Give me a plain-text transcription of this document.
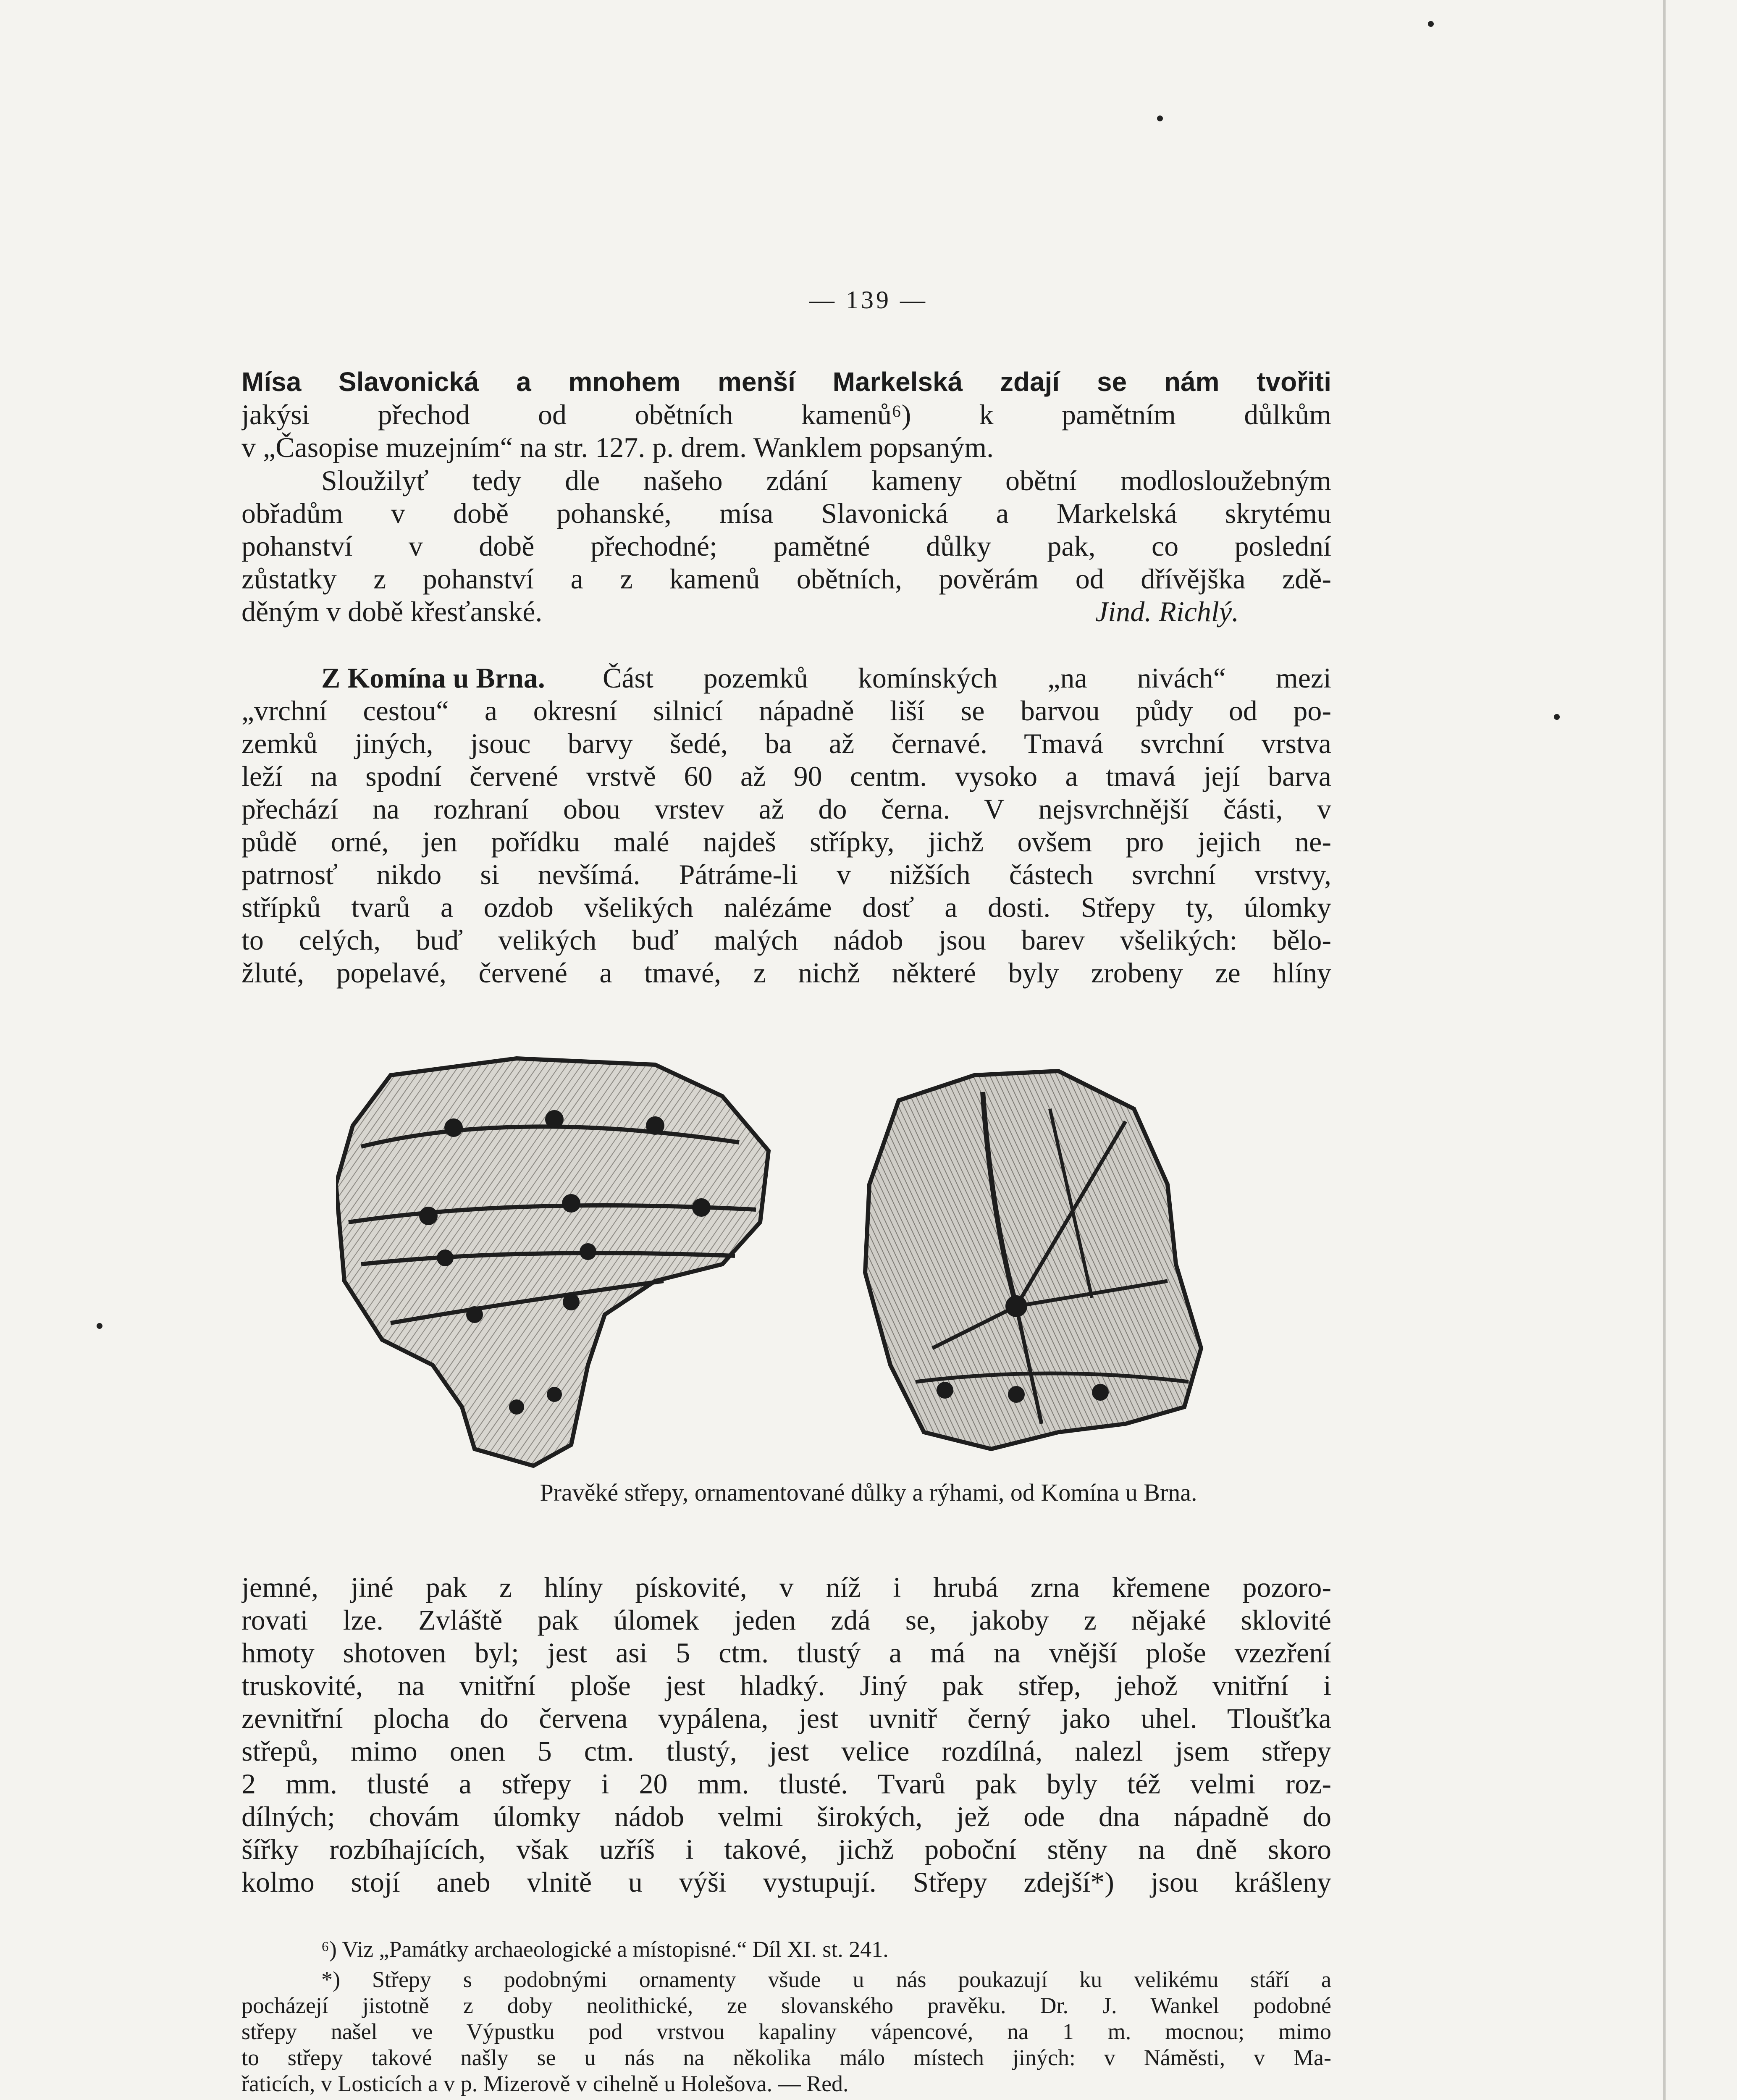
— 139 —
Mísa Slavonická a mnohem menší Markelská zdají se nám tvořiti
jakýsi přechod od obětních kamenů⁶) k pamětním důlkům
v „Časopise muzejním“ na str. 127. p. drem. Wanklem popsaným.
Sloužilyť tedy dle našeho zdání kameny obětní modlosloužebným
obřadům v době pohanské, mísa Slavonická a Markelská skrytému
pohanství v době přechodné; pamětné důlky pak, co poslední
zůstatky z pohanství a z kamenů obětních, pověrám od dřívějška zdě-
děným v době křesťanské.	Jind. Richlý.
Z Komína u Brna. Část pozemků komínských „na nivách“ mezi
„vrchní cestou“ a okresní silnicí nápadně liší se barvou půdy od po-
zemků jiných, jsouc barvy šedé, ba až černavé. Tmavá svrchní vrstva
leží na spodní červené vrstvě 60 až 90 centm. vysoko a tmavá její barva
přechází na rozhraní obou vrstev až do černa. V nejsvrchnější části, v
půdě orné, jen pořídku malé najdeš střípky, jichž ovšem pro jejich ne-
patrnosť nikdo si nevšímá. Pátráme-li v nižších částech svrchní vrstvy,
střípků tvarů a ozdob všelikých nalézáme dosť a dosti. Střepy ty, úlomky
to celých, buď velikých buď malých nádob jsou barev všelikých: bělo-
žluté, popelavé, červené a tmavé, z nichž některé byly zrobeny ze hlíny
Pravěké střepy, ornamentované důlky a rýhami, od Komína u Brna.
jemné, jiné pak z hlíny pískovité, v níž i hrubá zrna křemene pozoro-
rovati lze. Zvláště pak úlomek jeden zdá se, jakoby z nějaké sklovité
hmoty shotoven byl; jest asi 5 ctm. tlustý a má na vnější ploše vzezření
truskovité, na vnitřní ploše jest hladký. Jiný pak střep, jehož vnitřní i
zevnitřní plocha do červena vypálena, jest uvnitř černý jako uhel. Tloušťka
střepů, mimo onen 5 ctm. tlustý, jest velice rozdílná, nalezl jsem střepy
2 mm. tlusté a střepy i 20 mm. tlusté. Tvarů pak byly též velmi roz-
dílných; chovám úlomky nádob velmi širokých, jež ode dna nápadně do
šířky rozbíhajících, však uzříš i takové, jichž poboční stěny na dně skoro
kolmo stojí aneb vlnitě u výši vystupují. Střepy zdejší*) jsou krášleny
⁶) Viz „Památky archaeologické a místopisné.“ Díl XI. st. 241.
*) Střepy s podobnými ornamenty všude u nás poukazují ku velikému stáří a
pocházejí jistotně z doby neolithické, ze slovanského pravěku. Dr. J. Wankel podobné
střepy našel ve Výpustku pod vrstvou kapaliny vápencové, na 1 m. mocnou; mimo
to střepy takové našly se u nás na několika málo místech jiných: v Náměsti, v Ma-
řaticích, v Losticích a v p. Mizerově v cihelně u Holešova. — Red.
